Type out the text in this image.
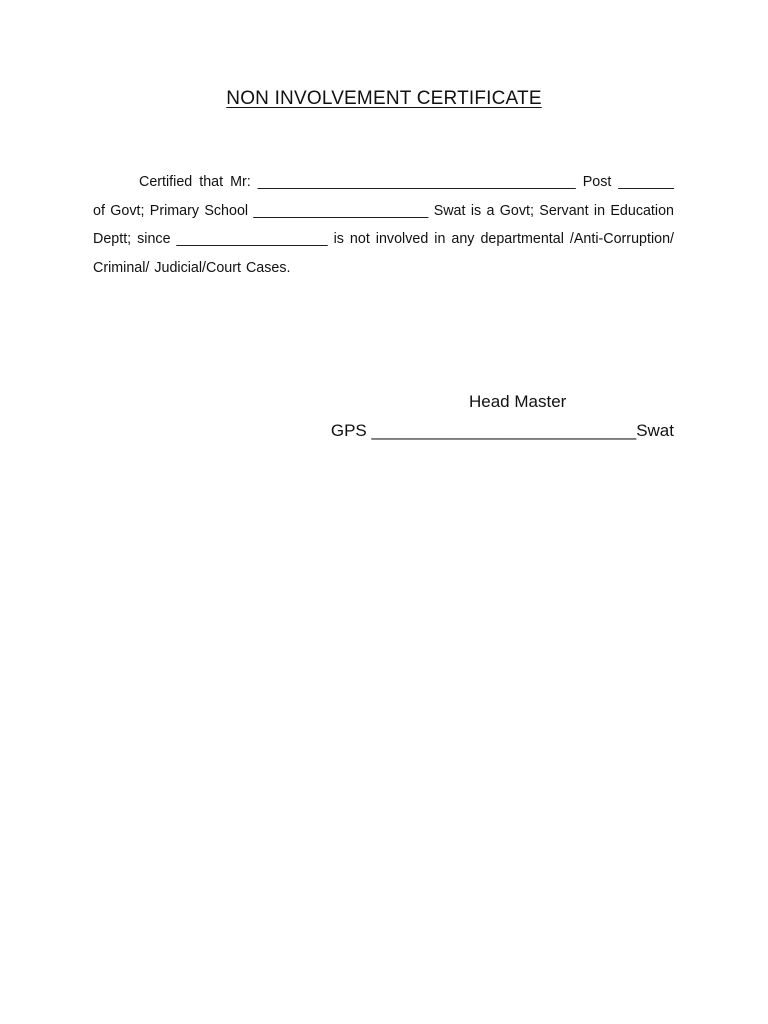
NON INVOLVEMENT CERTIFICATE

Certified that Mr: ________________________________________ Post _______ of Govt; Primary School ______________________ Swat is a Govt; Servant in Education Deptt; since ___________________ is not involved in any departmental /Anti-Corruption/ Criminal/ Judicial/Court Cases.

Head Master
GPS ____________________________Swat
